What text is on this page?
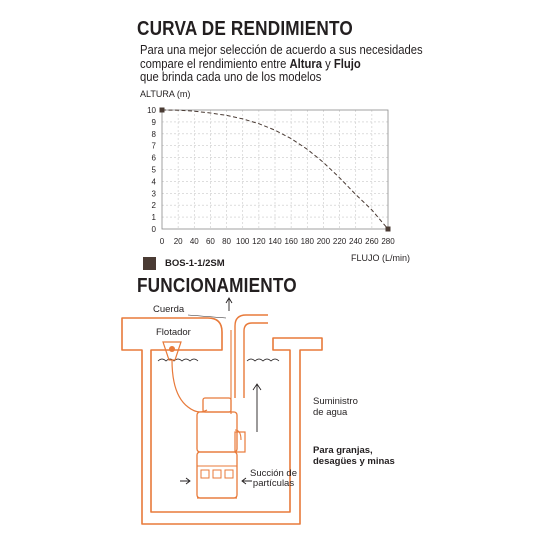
CURVA DE RENDIMIENTO
Para una mejor selección de acuerdo a sus necesidades
compare el rendimiento entre Altura y Flujo
que brinda cada uno de los modelos
ALTURA (m)
FLUJO (L/min)
0
1
2
3
4
5
6
7
8
9
10
0 20 40 60 80 100 120 140 160 180 200 220 240 260 280
BOS-1-1/2SM
FUNCIONAMIENTO
Cuerda
Flotador
Suministro
de agua
Succión de
partículas
Para granjas,
desagües y minas
